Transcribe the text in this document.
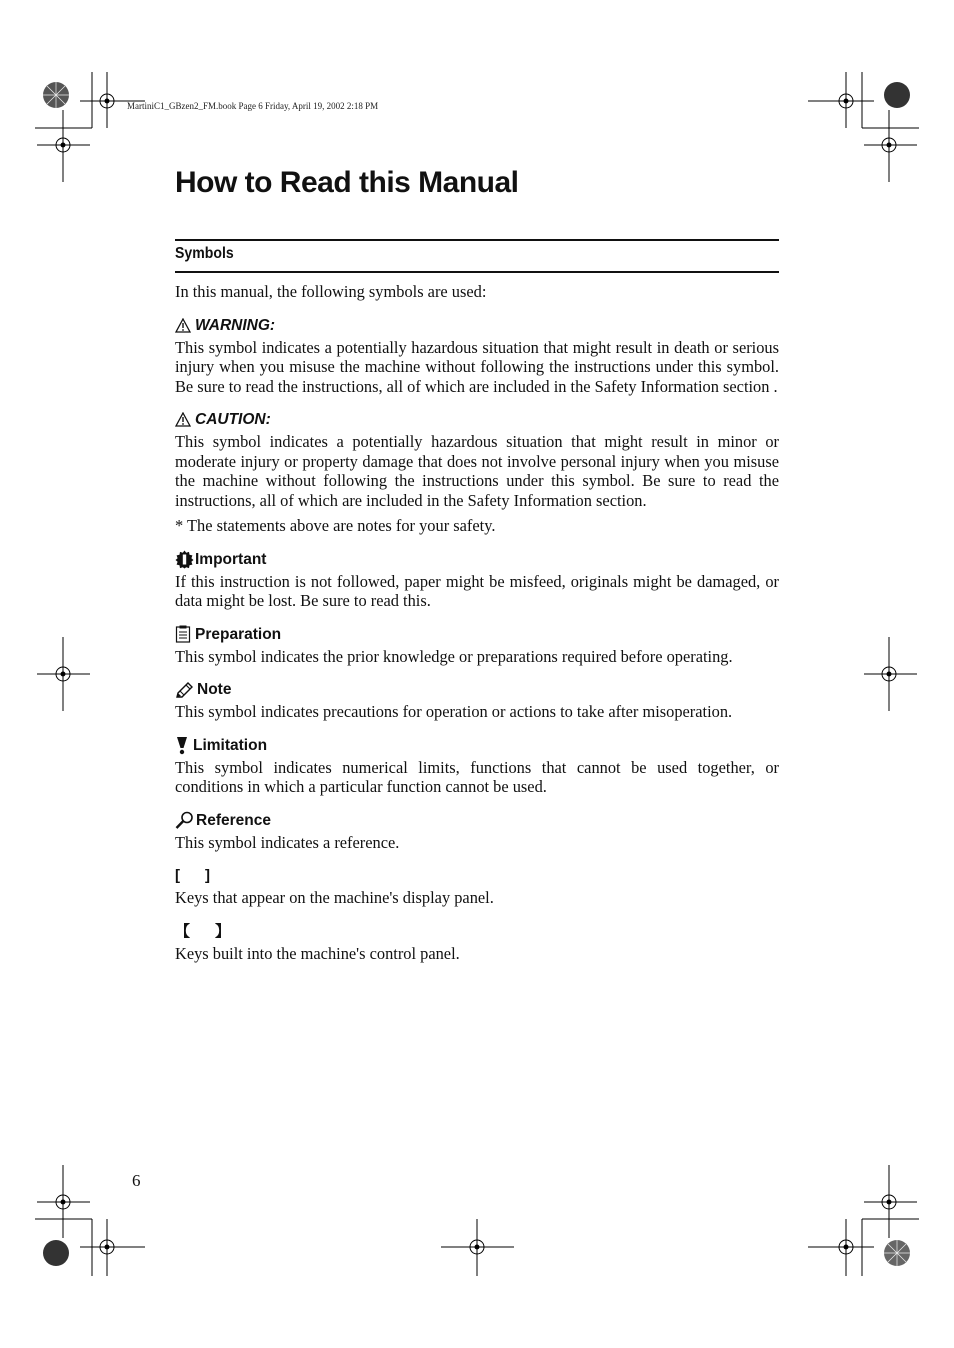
MartiniC1_GBzen2_FM.book Page 6 Friday, April 19, 2002 2:18 PM
How to Read this Manual
Symbols

In this manual, the following symbols are used:

WARNING:

This symbol indicates a potentially hazardous situation that might result in death or serious injury when you misuse the machine without following the instructions under this symbol. Be sure to read the instructions, all of which are included in the Safety Information section .

CAUTION:

This symbol indicates a potentially hazardous situation that might result in minor or moderate injury or property damage that does not involve personal injury when you misuse the machine without following the instructions under this symbol. Be sure to read the instructions, all of which are included in the Safety Information section.

* The statements above are notes for your safety.

Important

If this instruction is not followed, paper might be misfeed, originals might be damaged, or data might be lost. Be sure to read this.

Preparation

This symbol indicates the prior knowledge or preparations required before operating.

Note

This symbol indicates precautions for operation or actions to take after misoperation.

Limitation

This symbol indicates numerical limits, functions that cannot be used together, or conditions in which a particular function cannot be used.

Reference

This symbol indicates a reference.

[      ]

Keys that appear on the machine's display panel.

【      】

Keys built into the machine's control panel.

6
